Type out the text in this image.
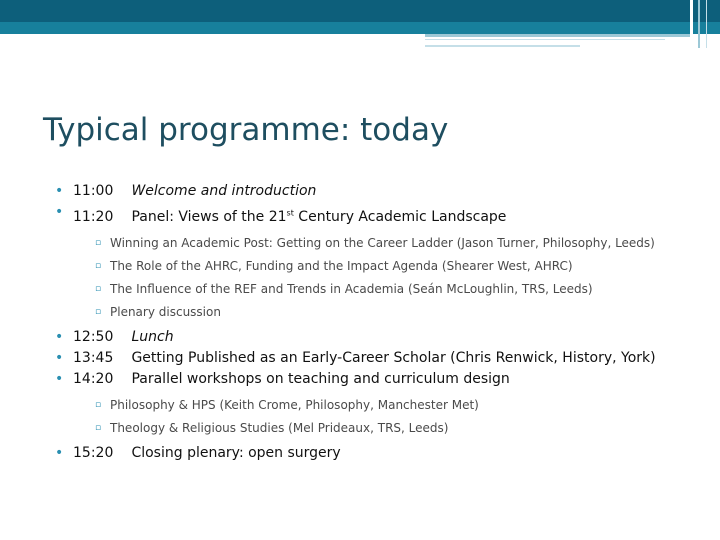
Typical programme: today
• 11:00 Welcome and introduction
• 11:20 Panel: Views of the 21st Century Academic Landscape
▫ Winning an Academic Post: Getting on the Career Ladder (Jason Turner, Philosophy, Leeds)
▫ The Role of the AHRC, Funding and the Impact Agenda (Shearer West, AHRC)
▫ The Influence of the REF and Trends in Academia (Seán McLoughlin, TRS, Leeds)
▫ Plenary discussion
• 12:50 Lunch
• 13:45 Getting Published as an Early-Career Scholar (Chris Renwick, History, York)
• 14:20 Parallel workshops on teaching and curriculum design
▫ Philosophy & HPS (Keith Crome, Philosophy, Manchester Met)
▫ Theology & Religious Studies (Mel Prideaux, TRS, Leeds)
• 15:20 Closing plenary: open surgery
